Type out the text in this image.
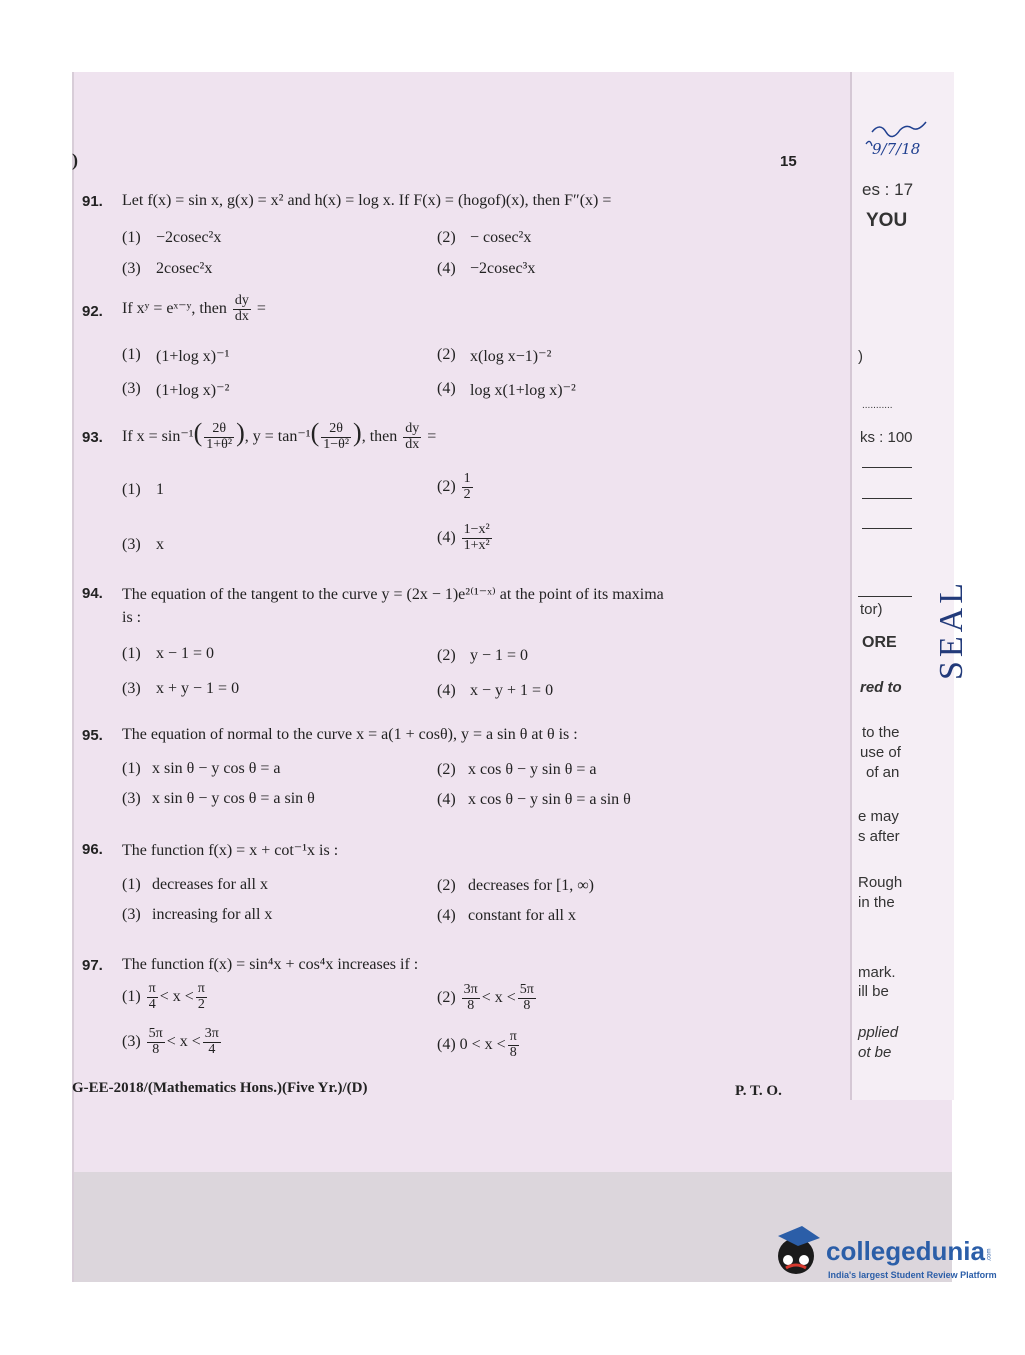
es : 17
YOU
)
...........
ks : 100
tor)
ORE
red to
to the
use of
of an
e may
s after
Rough
in the
mark.
ill be
pplied
ot be
SEAL
9/7/18
)	15
91. Let f(x) = sin x, g(x) = x² and h(x) = log x. If F(x) = (hogof)(x), then F″(x) =
(1) −2cosec²x	(2) − cosec²x
(3) 2cosec²x	(4) −2cosec³x
92. If xʸ = eˣ⁻ʸ, then $\frac{dy}{dx}$ =
(1) (1+log x)⁻¹	(2) x(log x−1)⁻²
(3) (1+log x)⁻²	(4) log x(1+log x)⁻²
93. If $x = \sin^{-1}( \frac{2\theta}{\text{1+θ²}}$ ), $y = \tan^{-1}( \frac{2\theta}{\text{1−θ²}}$ ), then $\frac{dy}{dx}$ =
(1) 1	$(2) \frac{1}{2}$
(3) x	$(4) \frac{\text{1−x²}}{\text{1+x²}}$
94. The equation of the tangent to the curve y = (2x − 1)e²⁽¹⁻ˣ⁾ at the point of its maxima
is :
(1) x − 1 = 0	(2) y − 1 = 0
(3) x + y − 1 = 0	(4) x − y + 1 = 0
95. The equation of normal to the curve x = a(1 + cosθ), y = a sin θ at θ is :
(1) x sin θ − y cos θ = a	(2) x cos θ − y sin θ = a
(3) x sin θ − y cos θ = a sin θ	(4) x cos θ − y sin θ = a sin θ
96. The function f(x) = x + cot⁻¹x is :
(1) decreases for all x	(2) decreases for [1, ∞)
(3) increasing for all x	(4) constant for all x
97. The function f(x) = sin⁴x + cos⁴x increases if :
$(1) \frac{\pi}{4} < x < \frac{\pi}{2}$	$(2) \frac{3\pi}{8} < x < \frac{5\pi}{8}$
$(3) \frac{5\pi}{8} < x < \frac{3\pi}{4}$	(4) $0 < x < \frac{\pi}{8}$
G-EE-2018/(Mathematics Hons.)(Five Yr.)/(D)	P. T. O.
collegedunia .com
India's largest Student Review Platform
